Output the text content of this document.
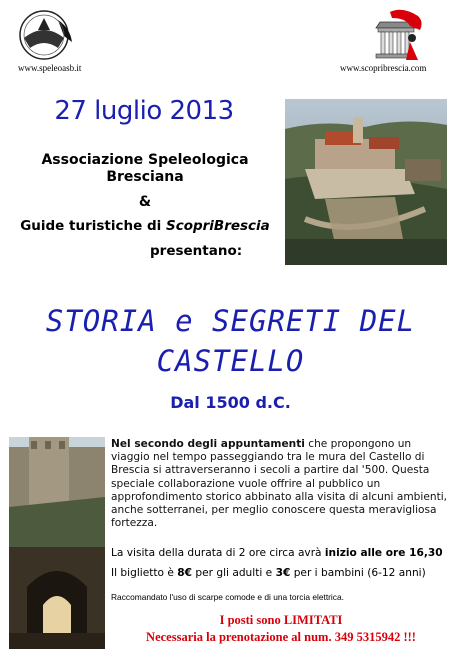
www.speleoasb.it	www.scopribrescia.com
27 luglio 2013
Associazione Speleologica
Bresciana
&
Guide turistiche di ScopriBrescia
presentano:
STORIA e SEGRETI DEL
CASTELLO
Dal 1500 d.C.
Nel secondo degli appuntamenti che propongono un viaggio nel tempo passeggiando tra le mura del Castello di Brescia si attraverseranno i secoli a partire dal '500. Questa speciale collaborazione vuole offrire al pubblico un approfondimento storico abbinato alla visita di alcuni ambienti, anche sotterranei, per meglio conoscere questa meravigliosa fortezza.
La visita della durata di 2 ore circa avrà inizio alle ore 16,30
Il biglietto è 8€ per gli adulti e 3€ per i bambini (6-12 anni)
Raccomandato l'uso di scarpe comode e di una torcia elettrica.
I posti sono LIMITATI
Necessaria la prenotazione al num. 349 5315942 !!!
